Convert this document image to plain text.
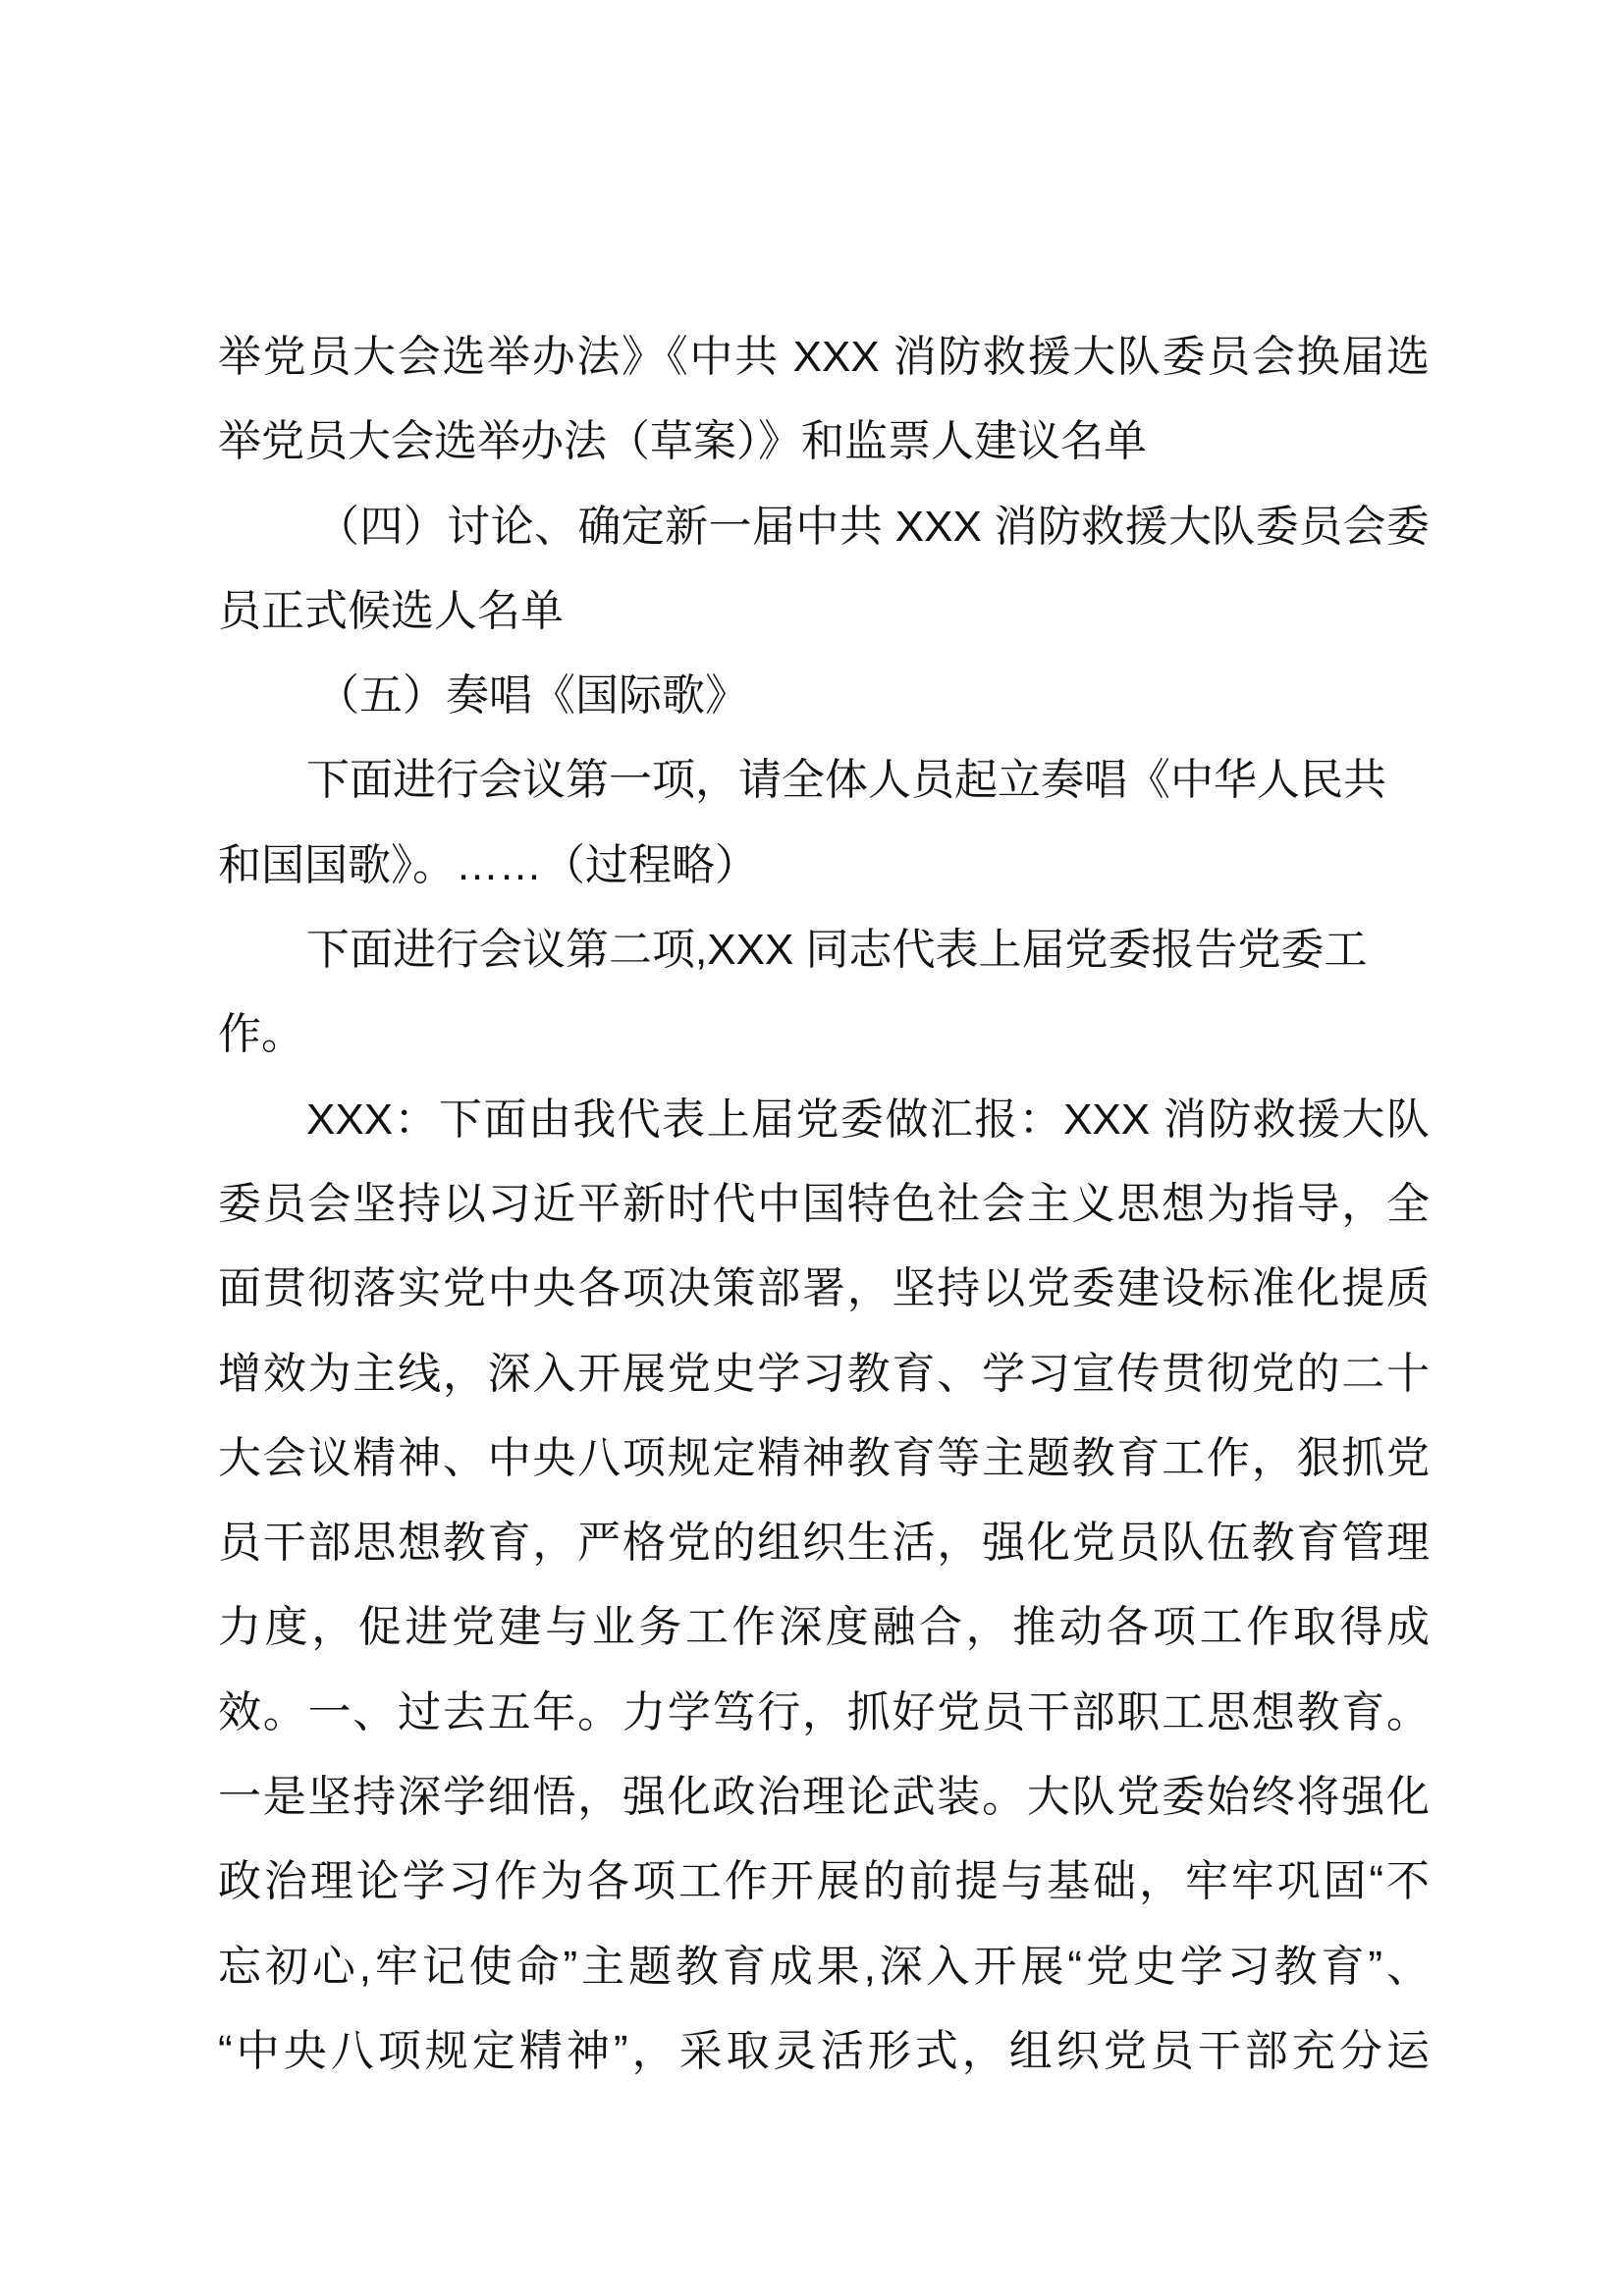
举党员大会选举办法》《中共 XXX 消防救援大队委员会换届选
举党员大会选举办法（草案）》和监票人建议名单
（四）讨论、确定新一届中共 XXX 消防救援大队委员会委
员正式候选人名单
（五）奏唱《国际歌》
下面进行会议第一项，请全体人员起立奏唱《中华人民共
和国国歌》。……（过程略）
下面进行会议第二项,XXX 同志代表上届党委报告党委工
作。
XXX：下面由我代表上届党委做汇报：XXX 消防救援大队
委员会坚持以习近平新时代中国特色社会主义思想为指导，全
面贯彻落实党中央各项决策部署，坚持以党委建设标准化提质
增效为主线，深入开展党史学习教育、学习宣传贯彻党的二十
大会议精神、中央八项规定精神教育等主题教育工作，狠抓党
员干部思想教育，严格党的组织生活，强化党员队伍教育管理
力度，促进党建与业务工作深度融合，推动各项工作取得成
效。一、过去五年。力学笃行，抓好党员干部职工思想教育。
一是坚持深学细悟，强化政治理论武装。大队党委始终将强化
政治理论学习作为各项工作开展的前提与基础，牢牢巩固“不
忘初心,牢记使命”主题教育成果,深入开展“党史学习教育”、
“中央八项规定精神”，采取灵活形式，组织党员干部充分运
